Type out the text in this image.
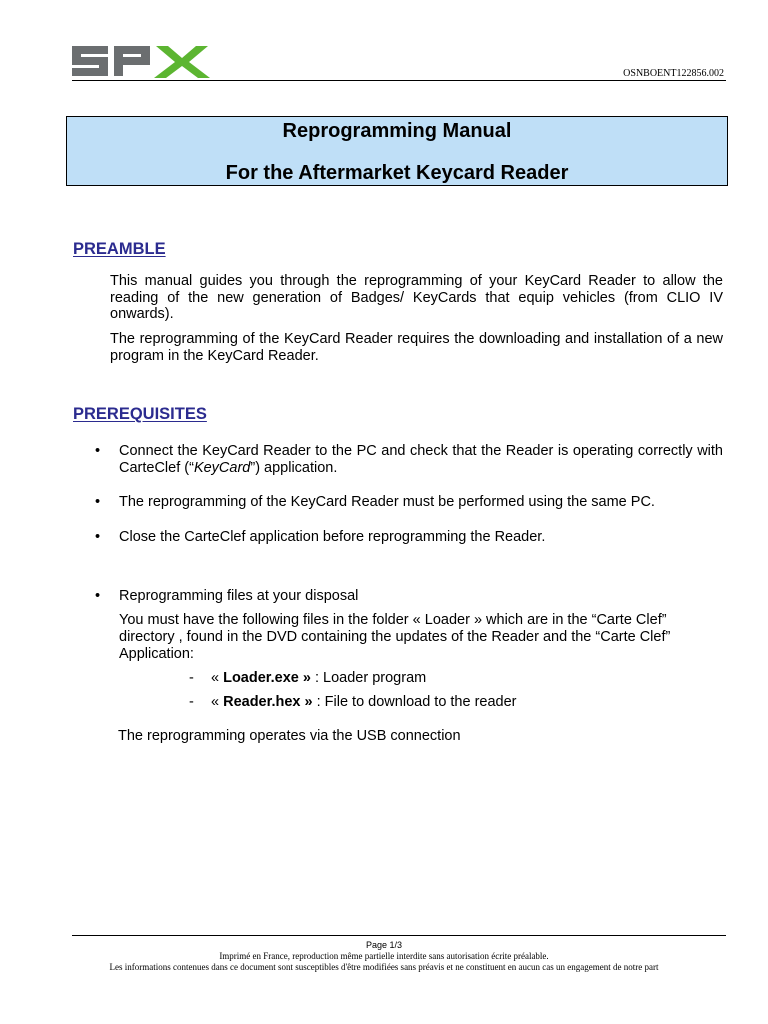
OSNBOENT122856.002
Reprogramming Manual
For the Aftermarket Keycard Reader
PREAMBLE
This manual guides you through the reprogramming of your KeyCard Reader to allow the reading of the new generation of Badges/ KeyCards that equip vehicles (from CLIO IV onwards).
The reprogramming of the KeyCard Reader requires the downloading and installation of a new program in the KeyCard Reader.
PREREQUISITES
• Connect the KeyCard Reader to the PC and check that the Reader is operating correctly with CarteClef (“KeyCard”) application.
• The reprogramming of the KeyCard Reader must be performed using the same PC.
• Close the CarteClef application before reprogramming the Reader.
• Reprogramming files at your disposal
You must have the following files in the folder « Loader » which are in the “Carte Clef”
directory , found in the DVD containing the updates of the Reader and the “Carte Clef”
Application:
- « Loader.exe » : Loader program
- « Reader.hex » : File to download to the reader
The reprogramming operates via the USB connection
Page 1/3
Imprimé en France, reproduction même partielle interdite sans autorisation écrite préalable.
Les informations contenues dans ce document sont susceptibles d'être modifiées sans préavis et ne constituent en aucun cas un engagement de notre part
